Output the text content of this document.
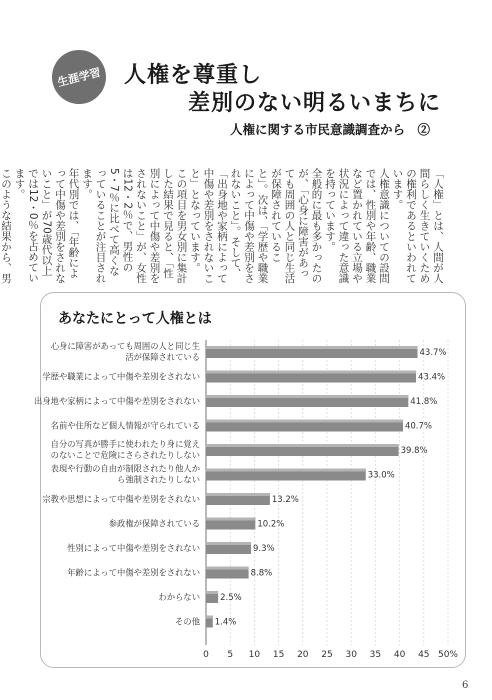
生涯学習 人権を尊重し
差別のない明るいまちに
人権に関する市民意識調査から　②

「人権」とは、人間が人間らしく生きていくための権利であるといわれています。

人権意識についての設問では、性別や年齢、職業など置かれている立場や状況によって違った意識を持っています。

全般的に最も多かったのが、「心身に障害があっても周囲の人と同じ生活が保障されていること」。次は、「学歴や職業によって中傷や差別をされないこと」。そして、「出身地や家柄によって中傷や差別をされないこと」となっています。

この項目を男女別に集計した結果で見ると、「性別によって中傷や差別をされないこと」が、女性は12・2％で、男性の5・7％に比べて高くなっていることが注目されます。

年代別では、「年齢によって中傷や差別をされないこと」が70歳代以上では12・0％を占めています。

このような結果から、男

あなたにとって人権とは
0 5 10 15 20 25 30 35 40 45 50%
43.7%
心身に障害があっても周囲の人と同じ生
活が保障されている
43.4%
学歴や職業によって中傷や差別をされない
41.8%
出身地や家柄によって中傷や差別をされない
40.7%
名前や住所など個人情報が守られている
39.8%
自分の写真が勝手に使われたり身に覚え
のないことで危険にさらされたりしない
33.0%
表現や行動の自由が制限されたり他人か
ら強制されたりしない
13.2%
宗教や思想によって中傷や差別をされない
10.2%
参政権が保障されている
9.3%
性別によって中傷や差別をされない
8.8%
年齢によって中傷や差別をされない
2.5%
わからない
1.4%
その他
6
